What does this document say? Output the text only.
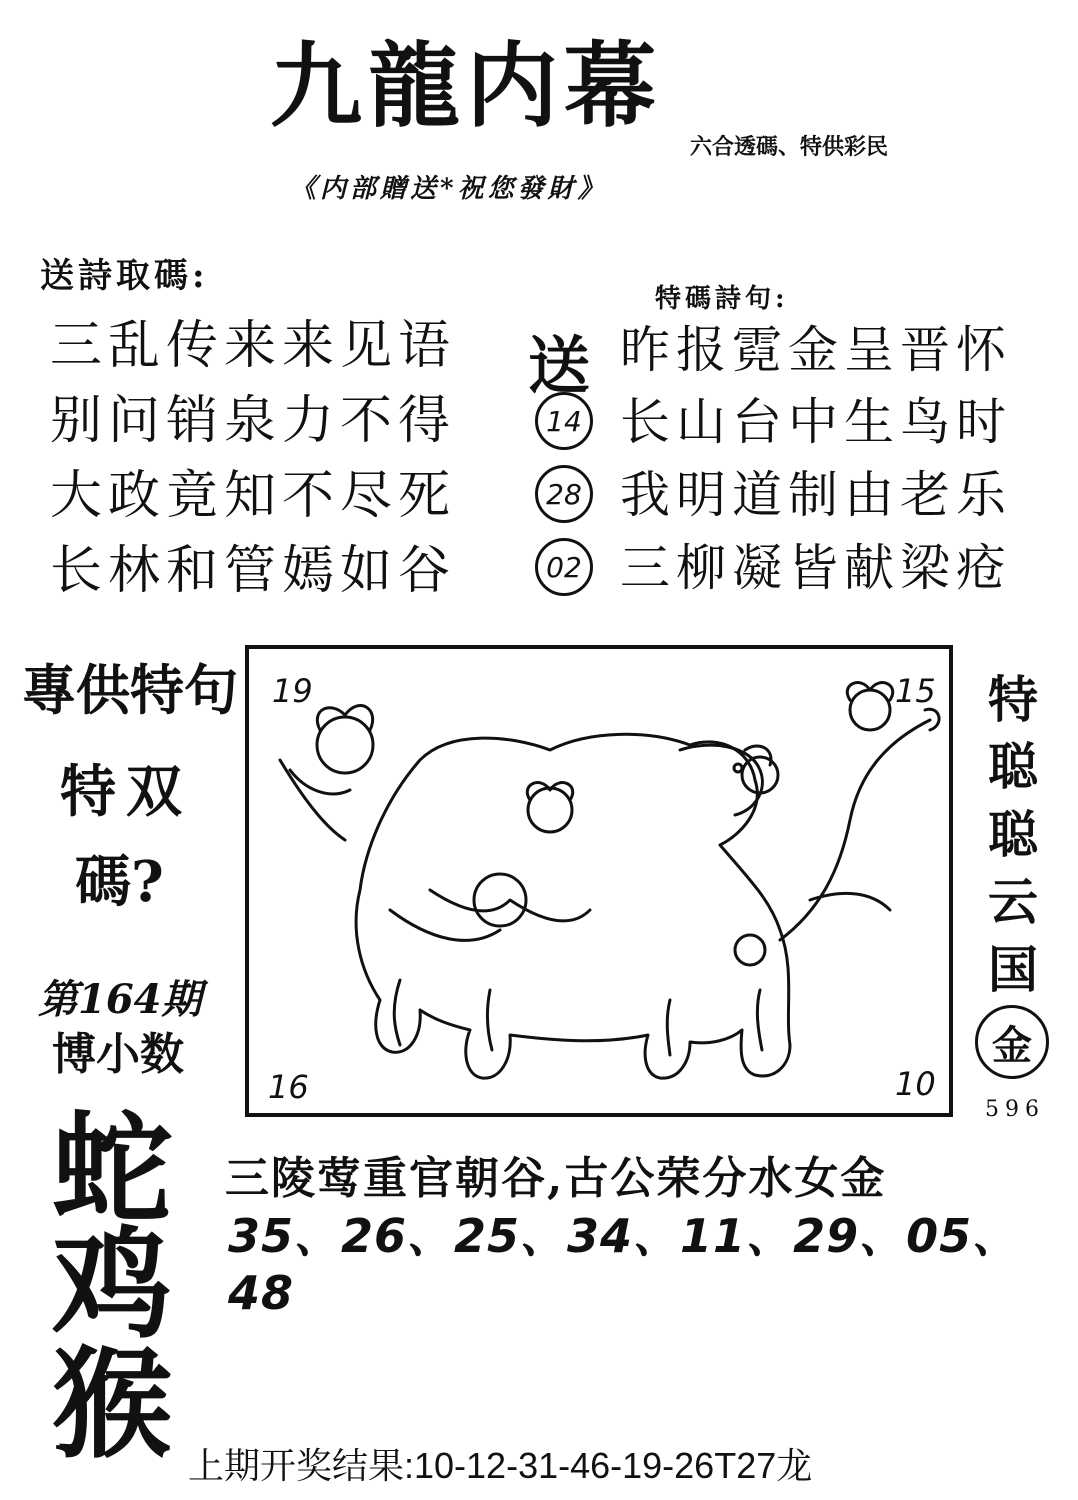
九龍内幕
六合透碼、特供彩民
《内部贈送*祝您發財》
送詩取碼:
三乱传来来见语
别问销泉力不得
大政竟知不尽死
长林和管嫣如谷
特碼詩句:
送
14
28
02
昨报霓金呈晋怀
长山台中生鸟时
我明道制由老乐
三柳凝皆献梁疮
專供特句
特双
碼?
第164期
博小数
蛇
鸡
猴
19	15
16	10
特
聪
聪
云
国
金
596
三陵莺重官朝谷,古公荣分水女金
35、26、25、34、11、29、05、48
上期开奖结果:10-12-31-46-19-26T27龙
